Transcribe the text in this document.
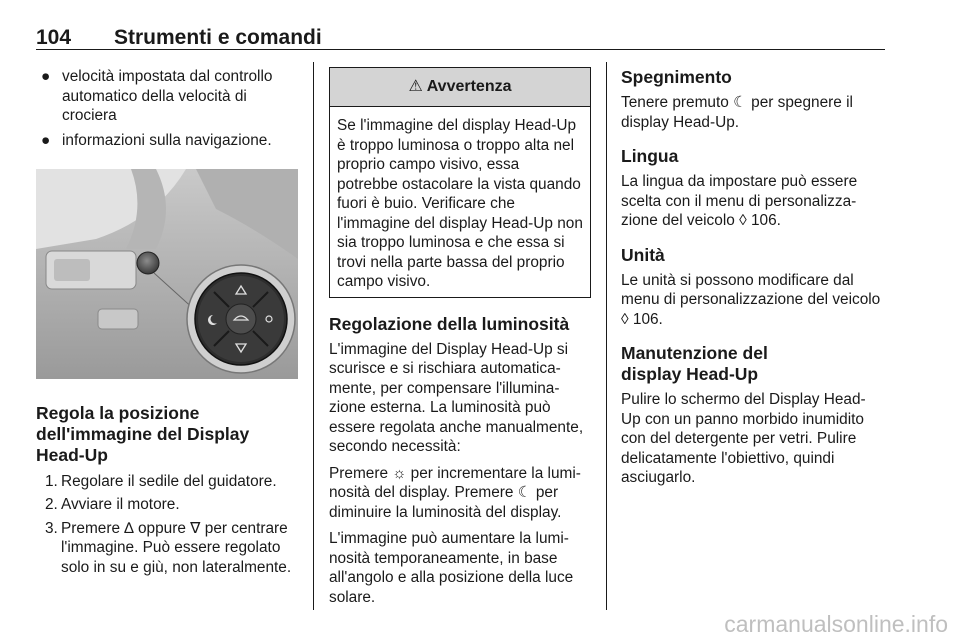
104 Strumenti e comandi
● velocità impostata dal controllo automatico della velocità di crociera
● informazioni sulla navigazione.
Regola la posizione dell'immagine del Display Head-Up
1. Regolare il sedile del guidatore.
2. Avviare il motore.
3. Premere ∆ oppure ∇ per centrare l'immagine. Può essere regolato solo in su e giù, non lateralmente.
⚠ Avvertenza
Se l'immagine del display Head-Up è troppo luminosa o troppo alta nel proprio campo visivo, essa potrebbe ostacolare la vista quando fuori è buio. Verificare che l'immagine del display Head-Up non sia troppo luminosa e che essa si trovi nella parte bassa del proprio campo visivo.
Regolazione della luminosità

L'immagine del Display Head-Up si scurisce e si rischiara automatica- mente, per compensare l'illumina- zione esterna. La luminosità può essere regolata anche manualmente, secondo necessità:

Premere ☼ per incrementare la lumi- nosità del display. Premere ☾ per diminuire la luminosità del display.

L'immagine può aumentare la lumi- nosità temporaneamente, in base all'angolo e alla posizione della luce solare.

Spegnimento

Tenere premuto ☾ per spegnere il display Head-Up.

Lingua

La lingua da impostare può essere scelta con il menu di personalizza- zione del veicolo ◊ 106.

Unità

Le unità si possono modificare dal menu di personalizzazione del veicolo ◊ 106.

Manutenzione del display Head-Up

Pulire lo schermo del Display Head- Up con un panno morbido inumidito con del detergente per vetri. Pulire delicatamente l'obiettivo, quindi asciugarlo.

carmanualsonline.info
